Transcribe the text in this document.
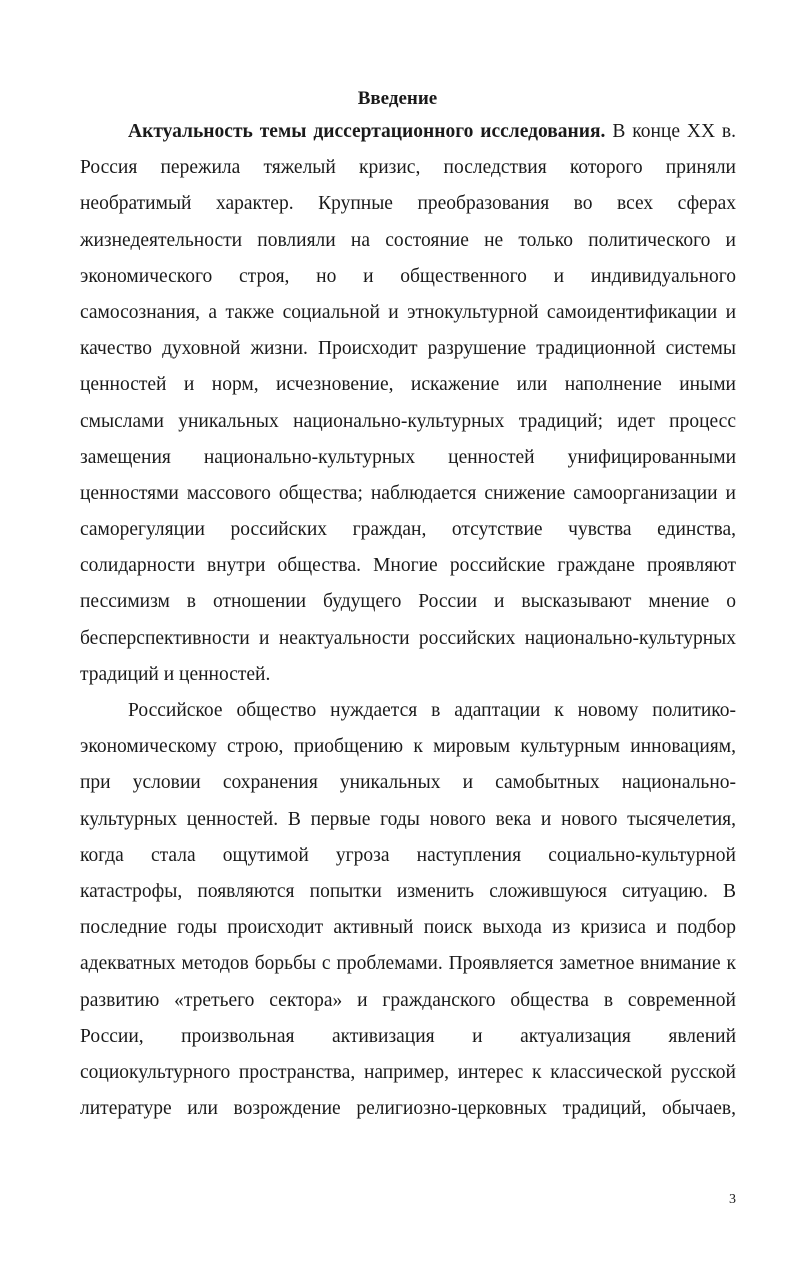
Введение
Актуальность темы диссертационного исследования. В конце XX в.
Россия пережила тяжелый кризис, последствия которого приняли
необратимый характер. Крупные преобразования во всех сферах
жизнедеятельности повлияли на состояние не только политического и
экономического строя, но и общественного и индивидуального
самосознания, а также социальной и этнокультурной самоидентификации и
качество духовной жизни. Происходит разрушение традиционной системы
ценностей и норм, исчезновение, искажение или наполнение иными
смыслами уникальных национально-культурных традиций; идет процесс
замещения национально-культурных ценностей унифицированными
ценностями массового общества; наблюдается снижение самоорганизации и
саморегуляции российских граждан, отсутствие чувства единства,
солидарности внутри общества. Многие российские граждане проявляют
пессимизм в отношении будущего России и высказывают мнение о
бесперспективности и неактуальности российских национально-культурных
традиций и ценностей.
Российское общество нуждается в адаптации к новому политико-
экономическому строю, приобщению к мировым культурным инновациям,
при условии сохранения уникальных и самобытных национально-
культурных ценностей. В первые годы нового века и нового тысячелетия,
когда стала ощутимой угроза наступления социально-культурной
катастрофы, появляются попытки изменить сложившуюся ситуацию. В
последние годы происходит активный поиск выхода из кризиса и подбор
адекватных методов борьбы с проблемами. Проявляется заметное внимание к
развитию «третьего сектора» и гражданского общества в современной
России, произвольная активизация и актуализация явлений
социокультурного пространства, например, интерес к классической русской
литературе или возрождение религиозно-церковных традиций, обычаев,
3
